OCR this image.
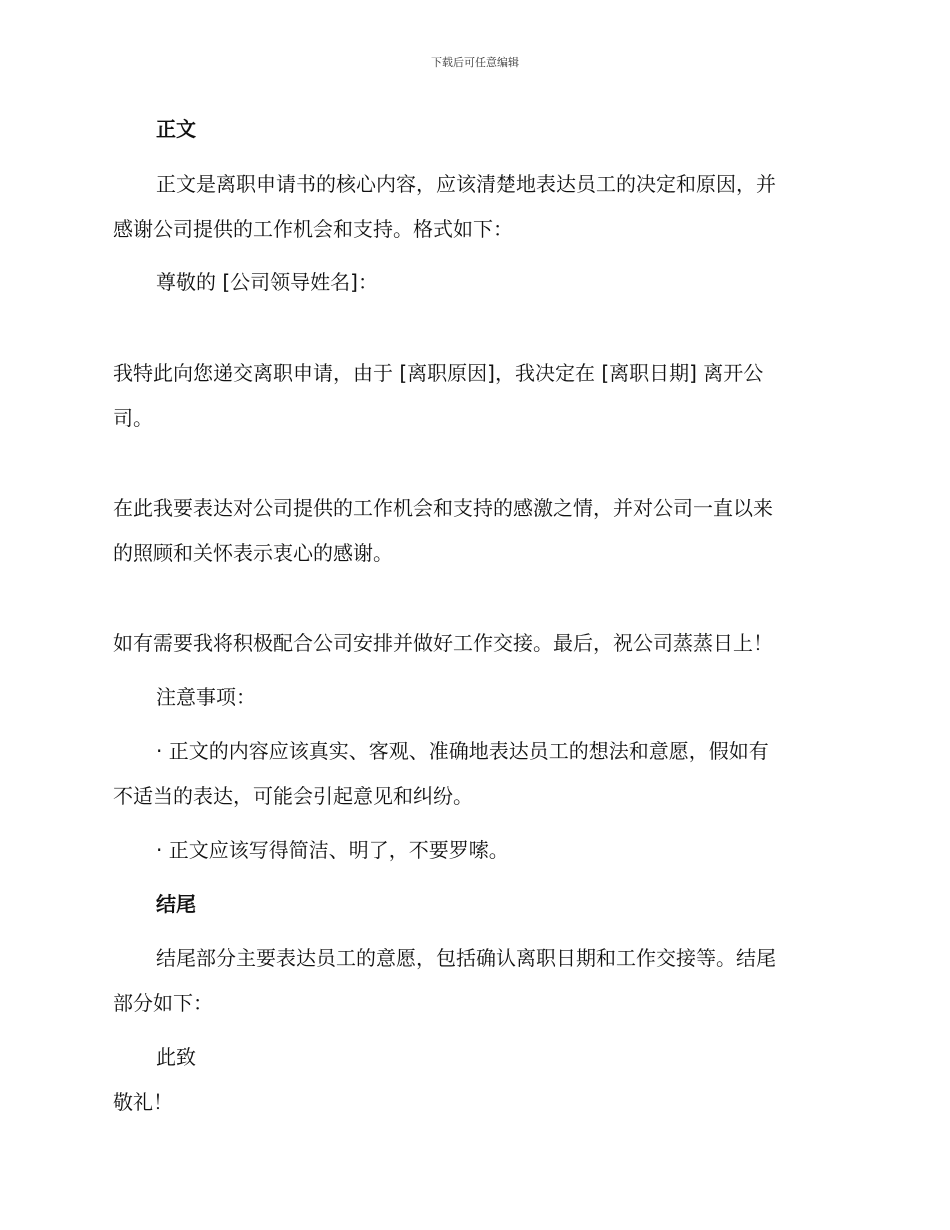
下载后可任意编辑
正文
正文是离职申请书的核心内容，应该清楚地表达员工的决定和原因，并
感谢公司提供的工作机会和支持。格式如下：
尊敬的 [公司领导姓名]：
我特此向您递交离职申请，由于 [离职原因]，我决定在 [离职日期] 离开公
司。
在此我要表达对公司提供的工作机会和支持的感激之情，并对公司一直以来
的照顾和关怀表示衷心的感谢。
如有需要我将积极配合公司安排并做好工作交接。最后，祝公司蒸蒸日上！
注意事项：
· 正文的内容应该真实、客观、准确地表达员工的想法和意愿，假如有
不适当的表达，可能会引起意见和纠纷。
· 正文应该写得简洁、明了，不要罗嗦。
结尾
结尾部分主要表达员工的意愿，包括确认离职日期和工作交接等。结尾
部分如下：
此致
敬礼！
